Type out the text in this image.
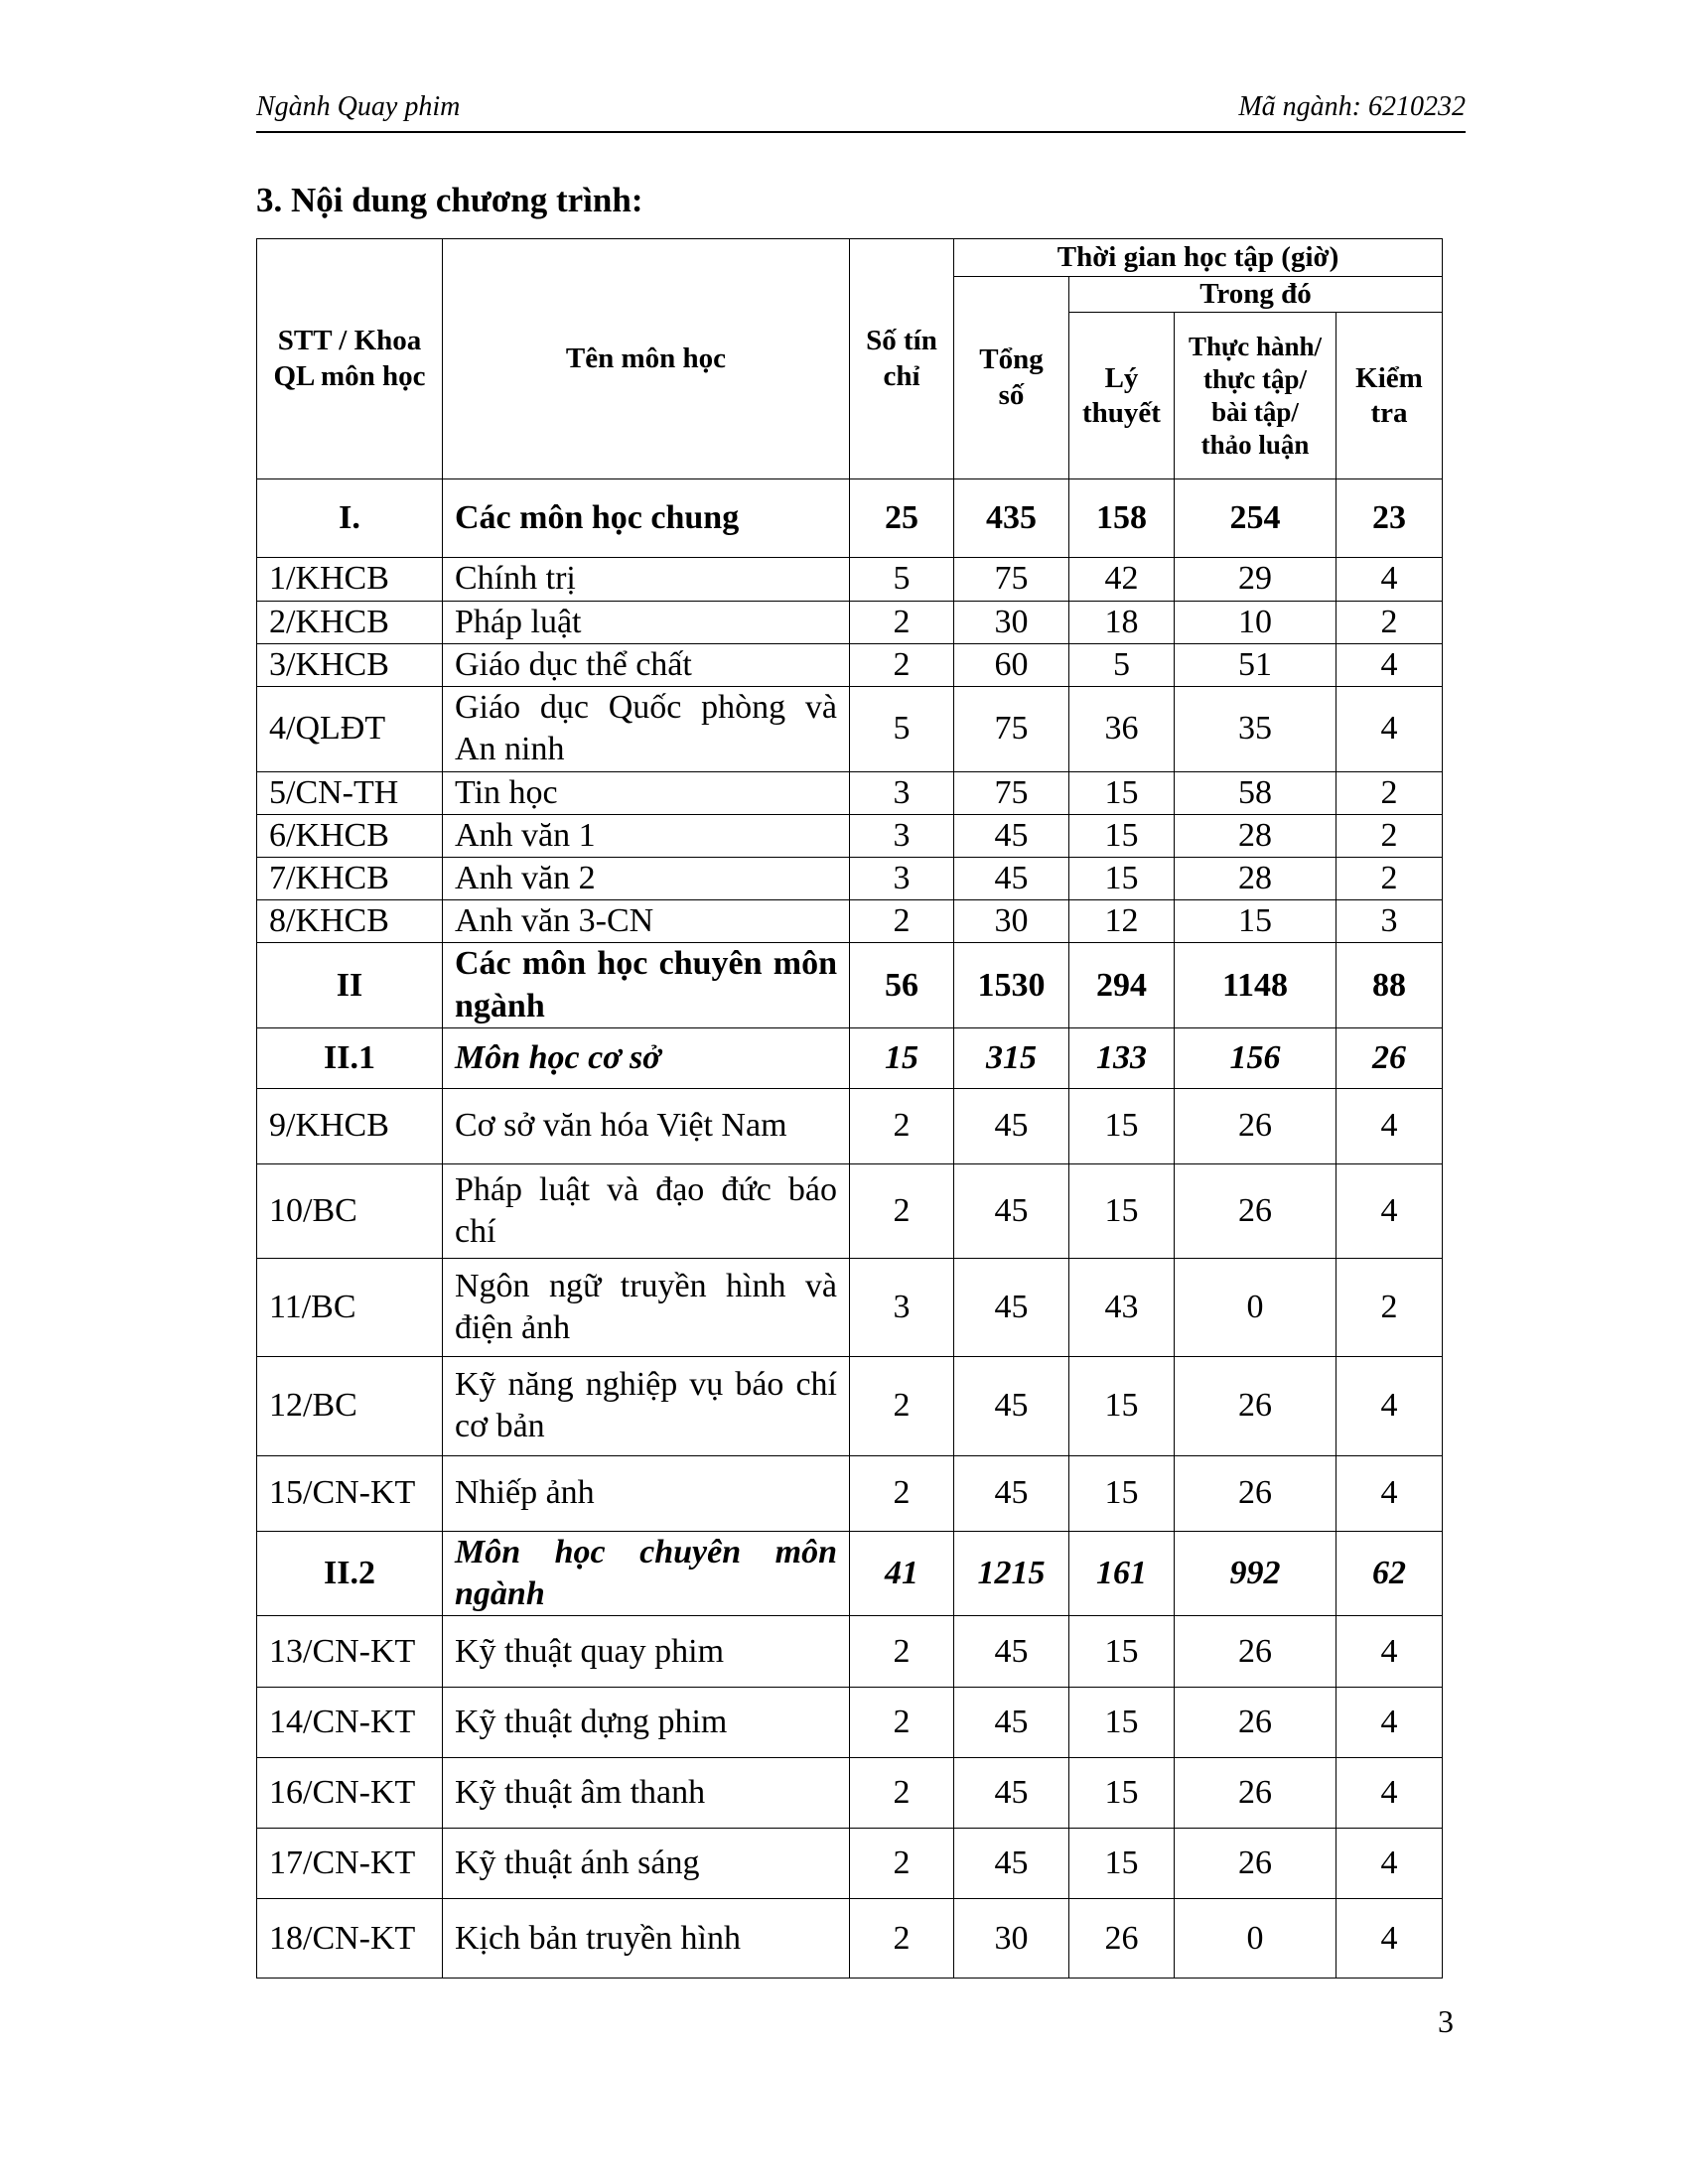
Ngành Quay phim	Mã ngành: 6210232
3. Nội dung chương trình:
STT / Khoa QL môn học	Tên môn học	Số tín chỉ	Thời gian học tập (giờ)			
			Tổng số	Trong đó		
				Lý thuyết	Thực hành/ thực tập/ bài tập/ thảo luận	Kiểm tra

I.	Các môn học chung	25	435	158	254	23
1/KHCB	Chính trị	5	75	42	29	4
2/KHCB	Pháp luật	2	30	18	10	2
3/KHCB	Giáo dục thể chất	2	60	5	51	4
4/QLĐT	Giáo dục Quốc phòng và An ninh	5	75	36	35	4
5/CN-TH	Tin học	3	75	15	58	2
6/KHCB	Anh văn 1	3	45	15	28	2
7/KHCB	Anh văn 2	3	45	15	28	2
8/KHCB	Anh văn 3-CN	2	30	12	15	3
II	Các môn học chuyên môn ngành	56	1530	294	1148	88
II.1	Môn học cơ sở	15	315	133	156	26
9/KHCB	Cơ sở văn hóa Việt Nam	2	45	15	26	4
10/BC	Pháp luật và đạo đức báo chí	2	45	15	26	4
11/BC	Ngôn ngữ truyền hình và điện ảnh	3	45	43	0	2
12/BC	Kỹ năng nghiệp vụ báo chí cơ bản	2	45	15	26	4
15/CN-KT	Nhiếp ảnh	2	45	15	26	4
II.2	Môn học chuyên môn ngành	41	1215	161	992	62
13/CN-KT	Kỹ thuật quay phim	2	45	15	26	4
14/CN-KT	Kỹ thuật dựng phim	2	45	15	26	4
16/CN-KT	Kỹ thuật âm thanh	2	45	15	26	4
17/CN-KT	Kỹ thuật ánh sáng	2	45	15	26	4
18/CN-KT	Kịch bản truyền hình	2	30	26	0	4
3
